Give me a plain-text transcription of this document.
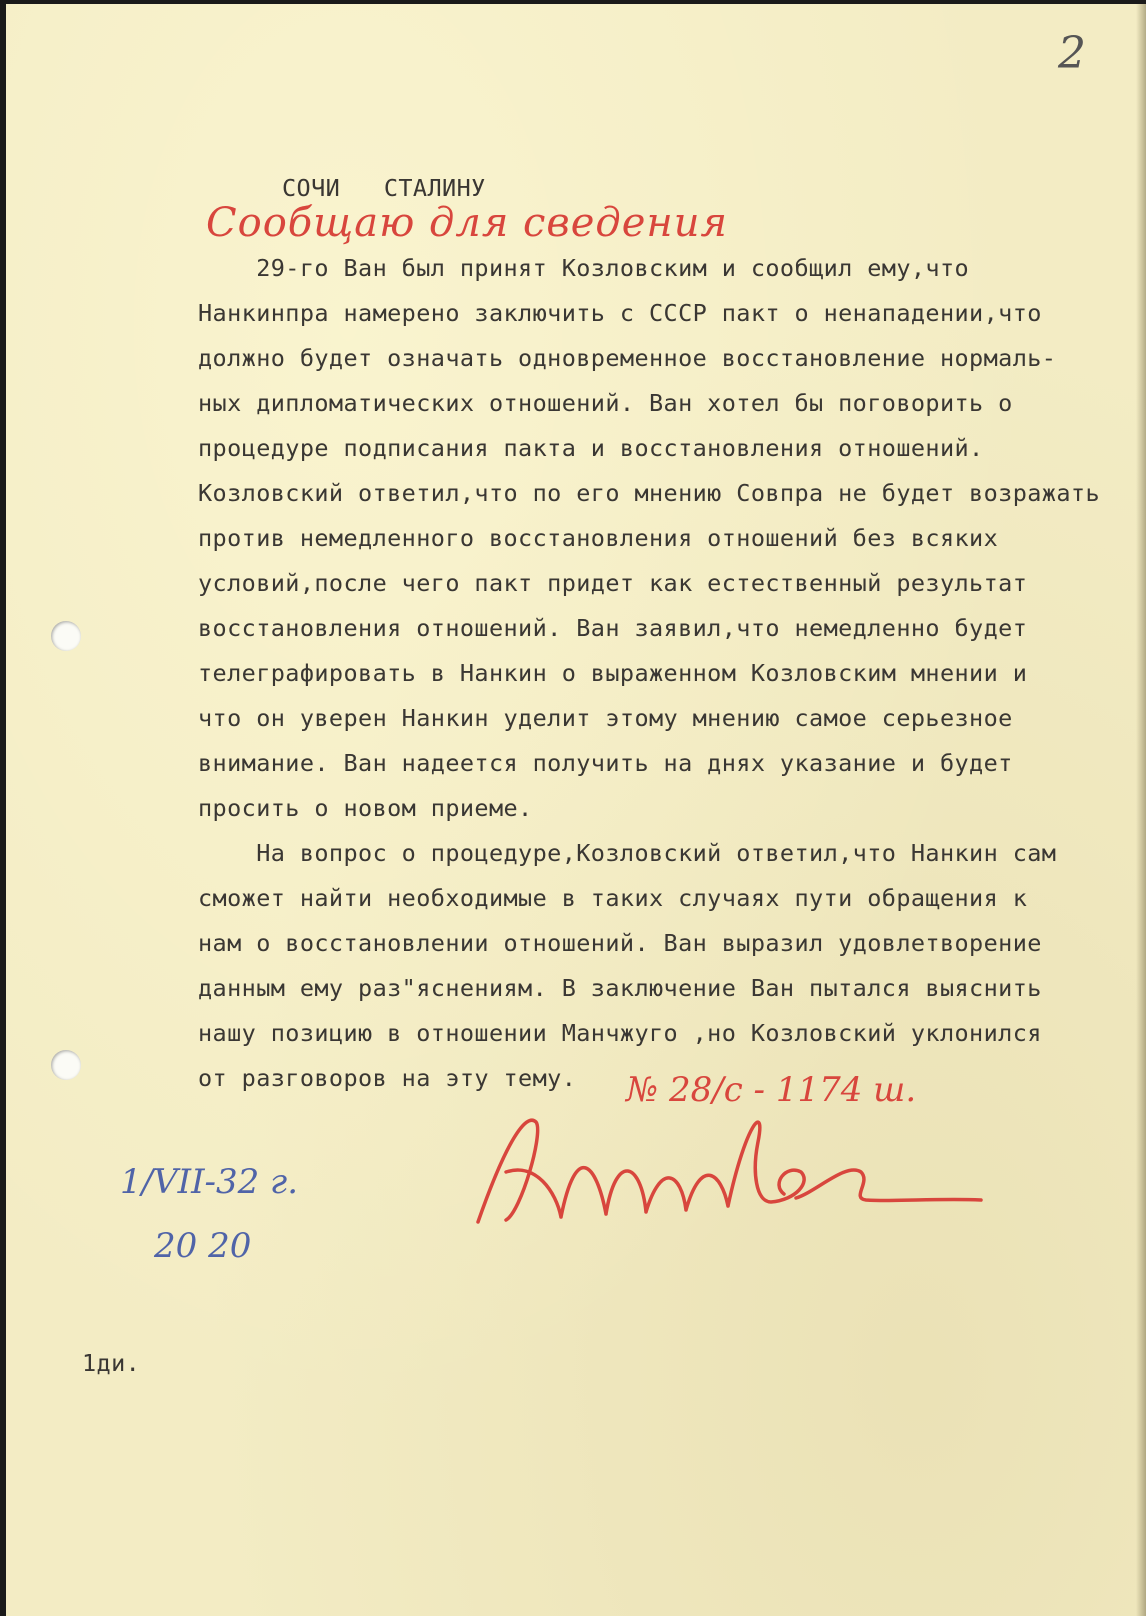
2
СОЧИ   СТАЛИНУ
Сообщаю для сведения
29-го Ван был принят Козловским и сообщил ему,что
Нанкинпра намерено заключить с СССР пакт о ненападении,что
должно будет означать одновременное восстановление нормаль-
ных дипломатических отношений. Ван хотел бы поговорить о
процедуре подписания пакта и восстановления отношений.
Козловский ответил,что по его мнению Совпра не будет возражать
против немедленного восстановления отношений без всяких
условий,после чего пакт придет как естественный результат
восстановления отношений. Ван заявил,что немедленно будет
телеграфировать в Нанкин о выраженном Козловским мнении и
что он уверен Нанкин уделит этому мнению самое серьезное
внимание. Ван надеется получить на днях указание и будет
просить о новом приеме.
На вопрос о процедуре,Козловский ответил,что Нанкин сам
сможет найти необходимые в таких случаях пути обращения к
нам о восстановлении отношений. Ван выразил удовлетворение
данным ему раз"яснениям. В заключение Ван пытался выяснить
нашу позицию в отношении Манчжуго ,но Козловский уклонился
от разговоров на эту тему. № 28/с - 1174 ш.
1/VII-32 г.
20 20
1ди.
